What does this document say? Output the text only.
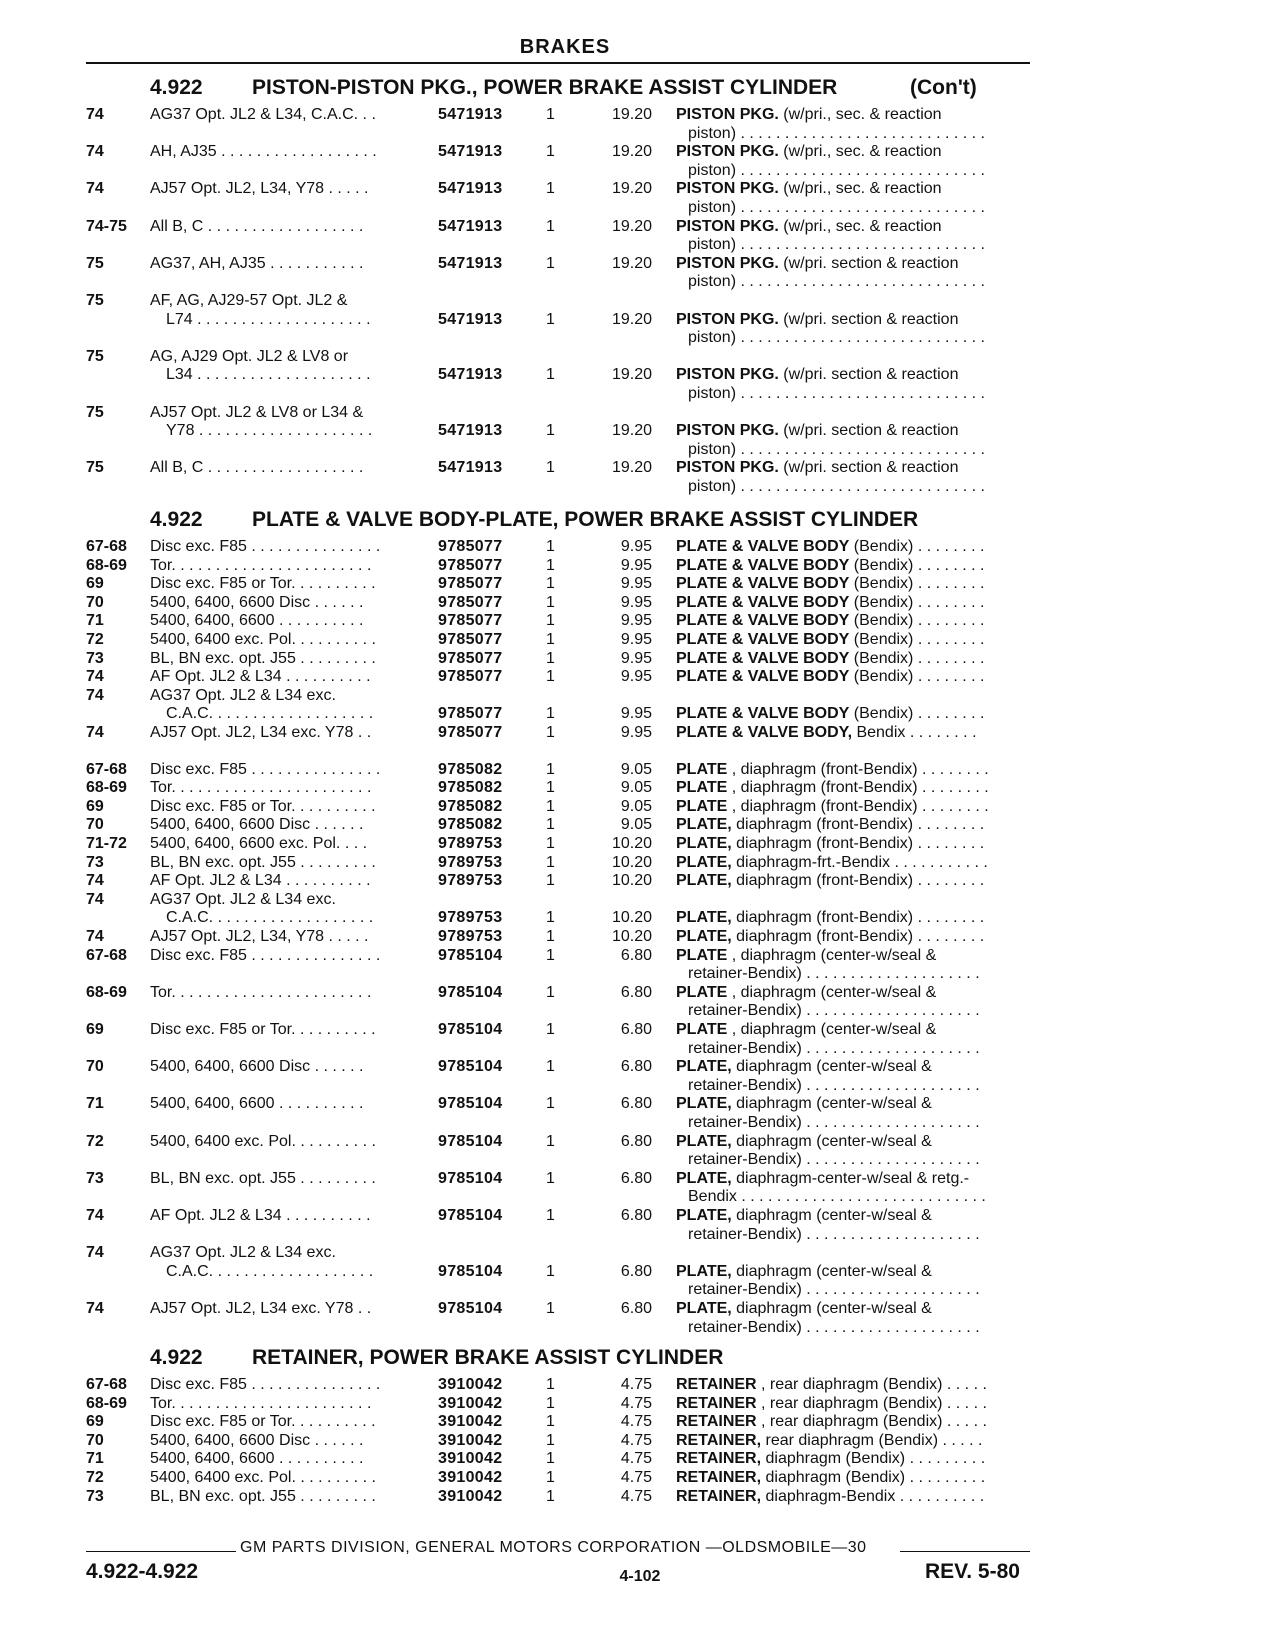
BRAKES
4.922 PISTON-PISTON PKG., POWER BRAKE ASSIST CYLINDER	(Con't)
74	AG37 Opt. JL2 & L34, C.A.C. . .	5471913	1	19.20 PISTON PKG. (w/pri., sec. & reaction
piston) . . . . . . . . . . . . . . . . . . . . . . . . . . . .
74	AH, AJ35 . . . . . . . . . . . . . . . . . .	5471913	1	19.20 PISTON PKG. (w/pri., sec. & reaction
piston) . . . . . . . . . . . . . . . . . . . . . . . . . . . .
74	AJ57 Opt. JL2, L34, Y78 . . . . .	5471913	1	19.20 PISTON PKG. (w/pri., sec. & reaction
piston) . . . . . . . . . . . . . . . . . . . . . . . . . . . .
74-75 All B, C . . . . . . . . . . . . . . . . . .	5471913	1	19.20 PISTON PKG. (w/pri., sec. & reaction
piston) . . . . . . . . . . . . . . . . . . . . . . . . . . . .
75	AG37, AH, AJ35 . . . . . . . . . . .	5471913	1	19.20 PISTON PKG. (w/pri. section & reaction
piston) . . . . . . . . . . . . . . . . . . . . . . . . . . . .
75	AF, AG, AJ29-57 Opt. JL2 &
L74 . . . . . . . . . . . . . . . . . . . .	5471913	1	19.20 PISTON PKG. (w/pri. section & reaction
piston) . . . . . . . . . . . . . . . . . . . . . . . . . . . .
75	AG, AJ29 Opt. JL2 & LV8 or
L34 . . . . . . . . . . . . . . . . . . . .	5471913	1	19.20 PISTON PKG. (w/pri. section & reaction
piston) . . . . . . . . . . . . . . . . . . . . . . . . . . . .
75	AJ57 Opt. JL2 & LV8 or L34 &
Y78 . . . . . . . . . . . . . . . . . . . .	5471913	1	19.20 PISTON PKG. (w/pri. section & reaction
piston) . . . . . . . . . . . . . . . . . . . . . . . . . . . .
75	All B, C . . . . . . . . . . . . . . . . . .	5471913	1	19.20 PISTON PKG. (w/pri. section & reaction
piston) . . . . . . . . . . . . . . . . . . . . . . . . . . . .
4.922 PLATE & VALVE BODY-PLATE, POWER BRAKE ASSIST CYLINDER
67-68 Disc exc. F85 . . . . . . . . . . . . . . .	9785077	1	9.95 PLATE & VALVE BODY (Bendix) . . . . . . . .
68-69 Tor. . . . . . . . . . . . . . . . . . . . . . .	9785077	1	9.95 PLATE & VALVE BODY (Bendix) . . . . . . . .
69	Disc exc. F85 or Tor. . . . . . . . . .	9785077	1	9.95 PLATE & VALVE BODY (Bendix) . . . . . . . .
70	5400, 6400, 6600 Disc . . . . . .	9785077	1	9.95 PLATE & VALVE BODY (Bendix) . . . . . . . .
71	5400, 6400, 6600 . . . . . . . . . .	9785077	1	9.95 PLATE & VALVE BODY (Bendix) . . . . . . . .
72	5400, 6400 exc. Pol. . . . . . . . . .	9785077	1	9.95 PLATE & VALVE BODY (Bendix) . . . . . . . .
73	BL, BN exc. opt. J55 . . . . . . . . .	9785077	1	9.95 PLATE & VALVE BODY (Bendix) . . . . . . . .
74	AF Opt. JL2 & L34 . . . . . . . . . .	9785077	1	9.95 PLATE & VALVE BODY (Bendix) . . . . . . . .
74	AG37 Opt. JL2 & L34 exc.
C.A.C. . . . . . . . . . . . . . . . . . .	9785077	1	9.95 PLATE & VALVE BODY (Bendix) . . . . . . . .
74	AJ57 Opt. JL2, L34 exc. Y78 . .	9785077	1	9.95 PLATE & VALVE BODY, Bendix . . . . . . . .
67-68 Disc exc. F85 . . . . . . . . . . . . . . .	9785082	1	9.05 PLATE , diaphragm (front-Bendix) . . . . . . . .
68-69 Tor. . . . . . . . . . . . . . . . . . . . . . .	9785082	1	9.05 PLATE , diaphragm (front-Bendix) . . . . . . . .
69	Disc exc. F85 or Tor. . . . . . . . . .	9785082	1	9.05 PLATE , diaphragm (front-Bendix) . . . . . . . .
70	5400, 6400, 6600 Disc . . . . . .	9785082	1	9.05 PLATE, diaphragm (front-Bendix) . . . . . . . .
71-72 5400, 6400, 6600 exc. Pol. . . .	9789753	1	10.20 PLATE, diaphragm (front-Bendix) . . . . . . . .
73	BL, BN exc. opt. J55 . . . . . . . . .	9789753	1	10.20 PLATE, diaphragm-frt.-Bendix . . . . . . . . . . .
74	AF Opt. JL2 & L34 . . . . . . . . . .	9789753	1	10.20 PLATE, diaphragm (front-Bendix) . . . . . . . .
74	AG37 Opt. JL2 & L34 exc.
C.A.C. . . . . . . . . . . . . . . . . . .	9789753	1	10.20 PLATE, diaphragm (front-Bendix) . . . . . . . .
74	AJ57 Opt. JL2, L34, Y78 . . . . .	9789753	1	10.20 PLATE, diaphragm (front-Bendix) . . . . . . . .
67-68 Disc exc. F85 . . . . . . . . . . . . . . .	9785104	1	6.80 PLATE , diaphragm (center-w/seal &
retainer-Bendix) . . . . . . . . . . . . . . . . . . . .
68-69 Tor. . . . . . . . . . . . . . . . . . . . . . .	9785104	1	6.80 PLATE , diaphragm (center-w/seal &
retainer-Bendix) . . . . . . . . . . . . . . . . . . . .
69	Disc exc. F85 or Tor. . . . . . . . . .	9785104	1	6.80 PLATE , diaphragm (center-w/seal &
retainer-Bendix) . . . . . . . . . . . . . . . . . . . .
70	5400, 6400, 6600 Disc . . . . . .	9785104	1	6.80 PLATE, diaphragm (center-w/seal &
retainer-Bendix) . . . . . . . . . . . . . . . . . . . .
71	5400, 6400, 6600 . . . . . . . . . .	9785104	1	6.80 PLATE, diaphragm (center-w/seal &
retainer-Bendix) . . . . . . . . . . . . . . . . . . . .
72	5400, 6400 exc. Pol. . . . . . . . . .	9785104	1	6.80 PLATE, diaphragm (center-w/seal &
retainer-Bendix) . . . . . . . . . . . . . . . . . . . .
73	BL, BN exc. opt. J55 . . . . . . . . .	9785104	1	6.80 PLATE, diaphragm-center-w/seal & retg.-
Bendix . . . . . . . . . . . . . . . . . . . . . . . . . . . .
74	AF Opt. JL2 & L34 . . . . . . . . . .	9785104	1	6.80 PLATE, diaphragm (center-w/seal &
retainer-Bendix) . . . . . . . . . . . . . . . . . . . .
74	AG37 Opt. JL2 & L34 exc.
C.A.C. . . . . . . . . . . . . . . . . . .	9785104	1	6.80 PLATE, diaphragm (center-w/seal &
retainer-Bendix) . . . . . . . . . . . . . . . . . . . .
74	AJ57 Opt. JL2, L34 exc. Y78 . .	9785104	1	6.80 PLATE, diaphragm (center-w/seal &
retainer-Bendix) . . . . . . . . . . . . . . . . . . . .
4.922 RETAINER, POWER BRAKE ASSIST CYLINDER
67-68 Disc exc. F85 . . . . . . . . . . . . . . .	3910042	1	4.75 RETAINER , rear diaphragm (Bendix) . . . . .
68-69 Tor. . . . . . . . . . . . . . . . . . . . . . .	3910042	1	4.75 RETAINER , rear diaphragm (Bendix) . . . . .
69	Disc exc. F85 or Tor. . . . . . . . . .	3910042	1	4.75 RETAINER , rear diaphragm (Bendix) . . . . .
70	5400, 6400, 6600 Disc . . . . . .	3910042	1	4.75 RETAINER, rear diaphragm (Bendix) . . . . .
71	5400, 6400, 6600 . . . . . . . . . .	3910042	1	4.75 RETAINER, diaphragm (Bendix) . . . . . . . . .
72	5400, 6400 exc. Pol. . . . . . . . . .	3910042	1	4.75 RETAINER, diaphragm (Bendix) . . . . . . . . .
73	BL, BN exc. opt. J55 . . . . . . . . .	3910042	1	4.75 RETAINER, diaphragm-Bendix . . . . . . . . . .
GM PARTS DIVISION, GENERAL MOTORS CORPORATION —OLDSMOBILE—30
4.922-4.922	4-102	REV. 5-80
